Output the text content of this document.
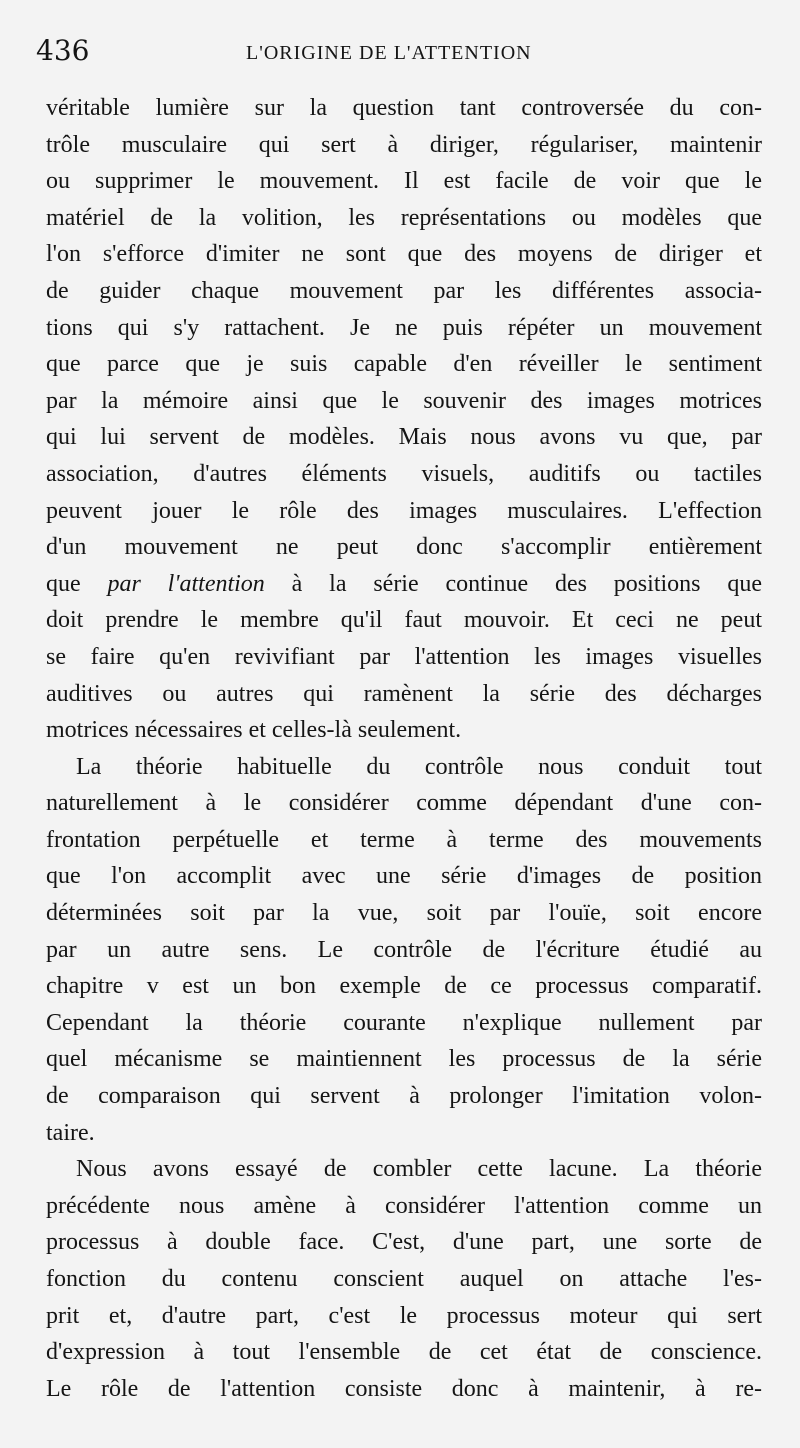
436	L'ORIGINE DE L'ATTENTION
véritable lumière sur la question tant controversée du con-
trôle musculaire qui sert à diriger, régulariser, maintenir
ou supprimer le mouvement. Il est facile de voir que le
matériel de la volition, les représentations ou modèles que
l'on s'efforce d'imiter ne sont que des moyens de diriger et
de guider chaque mouvement par les différentes associa-
tions qui s'y rattachent. Je ne puis répéter un mouvement
que parce que je suis capable d'en réveiller le sentiment
par la mémoire ainsi que le souvenir des images motrices
qui lui servent de modèles. Mais nous avons vu que, par
association, d'autres éléments visuels, auditifs ou tactiles
peuvent jouer le rôle des images musculaires. L'effection
d'un mouvement ne peut donc s'accomplir entièrement
que par l'attention à la série continue des positions que
doit prendre le membre qu'il faut mouvoir. Et ceci ne peut
se faire qu'en revivifiant par l'attention les images visuelles
auditives ou autres qui ramènent la série des décharges
motrices nécessaires et celles-là seulement.
La théorie habituelle du contrôle nous conduit tout
naturellement à le considérer comme dépendant d'une con-
frontation perpétuelle et terme à terme des mouvements
que l'on accomplit avec une série d'images de position
déterminées soit par la vue, soit par l'ouïe, soit encore
par un autre sens. Le contrôle de l'écriture étudié au
chapitre v est un bon exemple de ce processus comparatif.
Cependant la théorie courante n'explique nullement par
quel mécanisme se maintiennent les processus de la série
de comparaison qui servent à prolonger l'imitation volon-
taire.
Nous avons essayé de combler cette lacune. La théorie
précédente nous amène à considérer l'attention comme un
processus à double face. C'est, d'une part, une sorte de
fonction du contenu conscient auquel on attache l'es-
prit et, d'autre part, c'est le processus moteur qui sert
d'expression à tout l'ensemble de cet état de conscience.
Le rôle de l'attention consiste donc à maintenir, à re-
